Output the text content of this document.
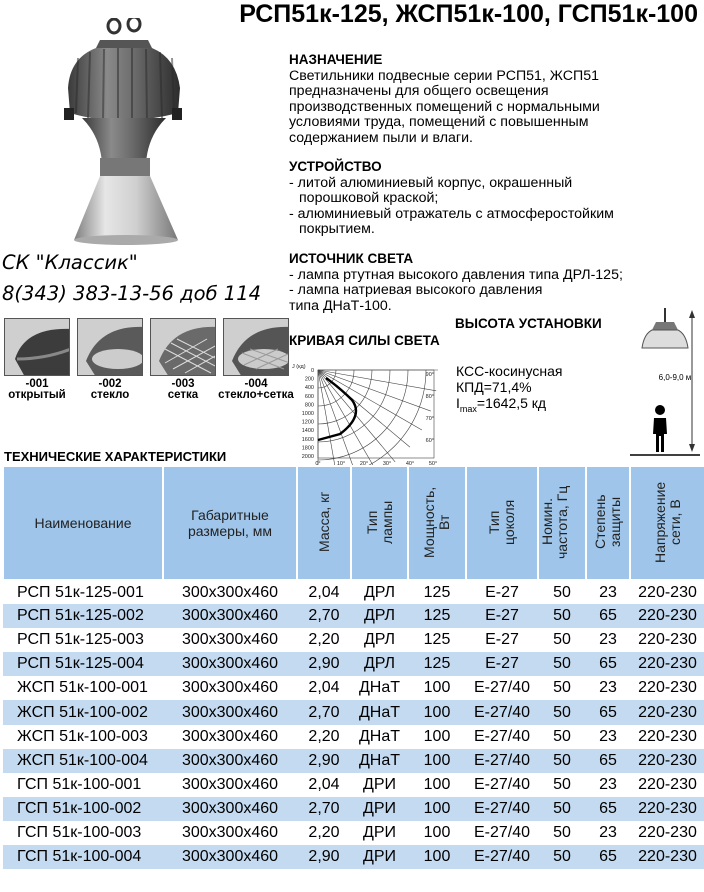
РСП51к-125, ЖСП51к-100, ГСП51к-100
НАЗНАЧЕНИЕ
Светильники подвесные серии РСП51, ЖСП51
предназначены для общего освещения
производственных помещений с нормальными
условиями труда, помещений с повышенным
содержанием пыли и влаги.
УСТРОЙСТВО
- литой алюминиевый корпус, окрашенный
порошковой краской;
- алюминиевый отражатель с атмосферостойким
покрытием.
ИСТОЧНИК СВЕТА
- лампа ртутная высокого давления типа ДРЛ-125;
- лампа натриевая высокого давления
типа ДНаТ-100.
СК "Классик"
8(343) 383-13-56 доб 114
-001
открытый
-002
стекло
-003
сетка
-004
стекло+сетка
ВЫСОТА УСТАНОВКИ
6,0-9,0 м
КРИВАЯ СИЛЫ СВЕТА
J (кд)
0
200
400
600
800
1000
1200
1400
1600
1800
2000
0°	10°	20°	30°	40°	50°
90°
80°
70°
60°
КСС-косинусная
КПД=71,4%
$I_{max}=1642,5$ кд
ТЕХНИЧЕСКИЕ ХАРАКТЕРИСТИКИ
Наименование	Габаритные размеры, мм	Масса, кг	Тип лампы	Мощность, Вт	Тип цоколя	Номин. частота, Гц	Степень защиты	Напряжение сети, В
РСП 51к-125-001	300х300х460	2,04	ДРЛ	125	Е-27	50	23	220-230
РСП 51к-125-002	300х300х460	2,70	ДРЛ	125	Е-27	50	65	220-230
РСП 51к-125-003	300х300х460	2,20	ДРЛ	125	Е-27	50	23	220-230
РСП 51к-125-004	300х300х460	2,90	ДРЛ	125	Е-27	50	65	220-230
ЖСП 51к-100-001	300х300х460	2,04	ДНаТ	100	Е-27/40	50	23	220-230
ЖСП 51к-100-002	300х300х460	2,70	ДНаТ	100	Е-27/40	50	65	220-230
ЖСП 51к-100-003	300х300х460	2,20	ДНаТ	100	Е-27/40	50	23	220-230
ЖСП 51к-100-004	300х300х460	2,90	ДНаТ	100	Е-27/40	50	65	220-230
ГСП 51к-100-001	300х300х460	2,04	ДРИ	100	Е-27/40	50	23	220-230
ГСП 51к-100-002	300х300х460	2,70	ДРИ	100	Е-27/40	50	65	220-230
ГСП 51к-100-003	300х300х460	2,20	ДРИ	100	Е-27/40	50	23	220-230
ГСП 51к-100-004	300х300х460	2,90	ДРИ	100	Е-27/40	50	65	220-230
